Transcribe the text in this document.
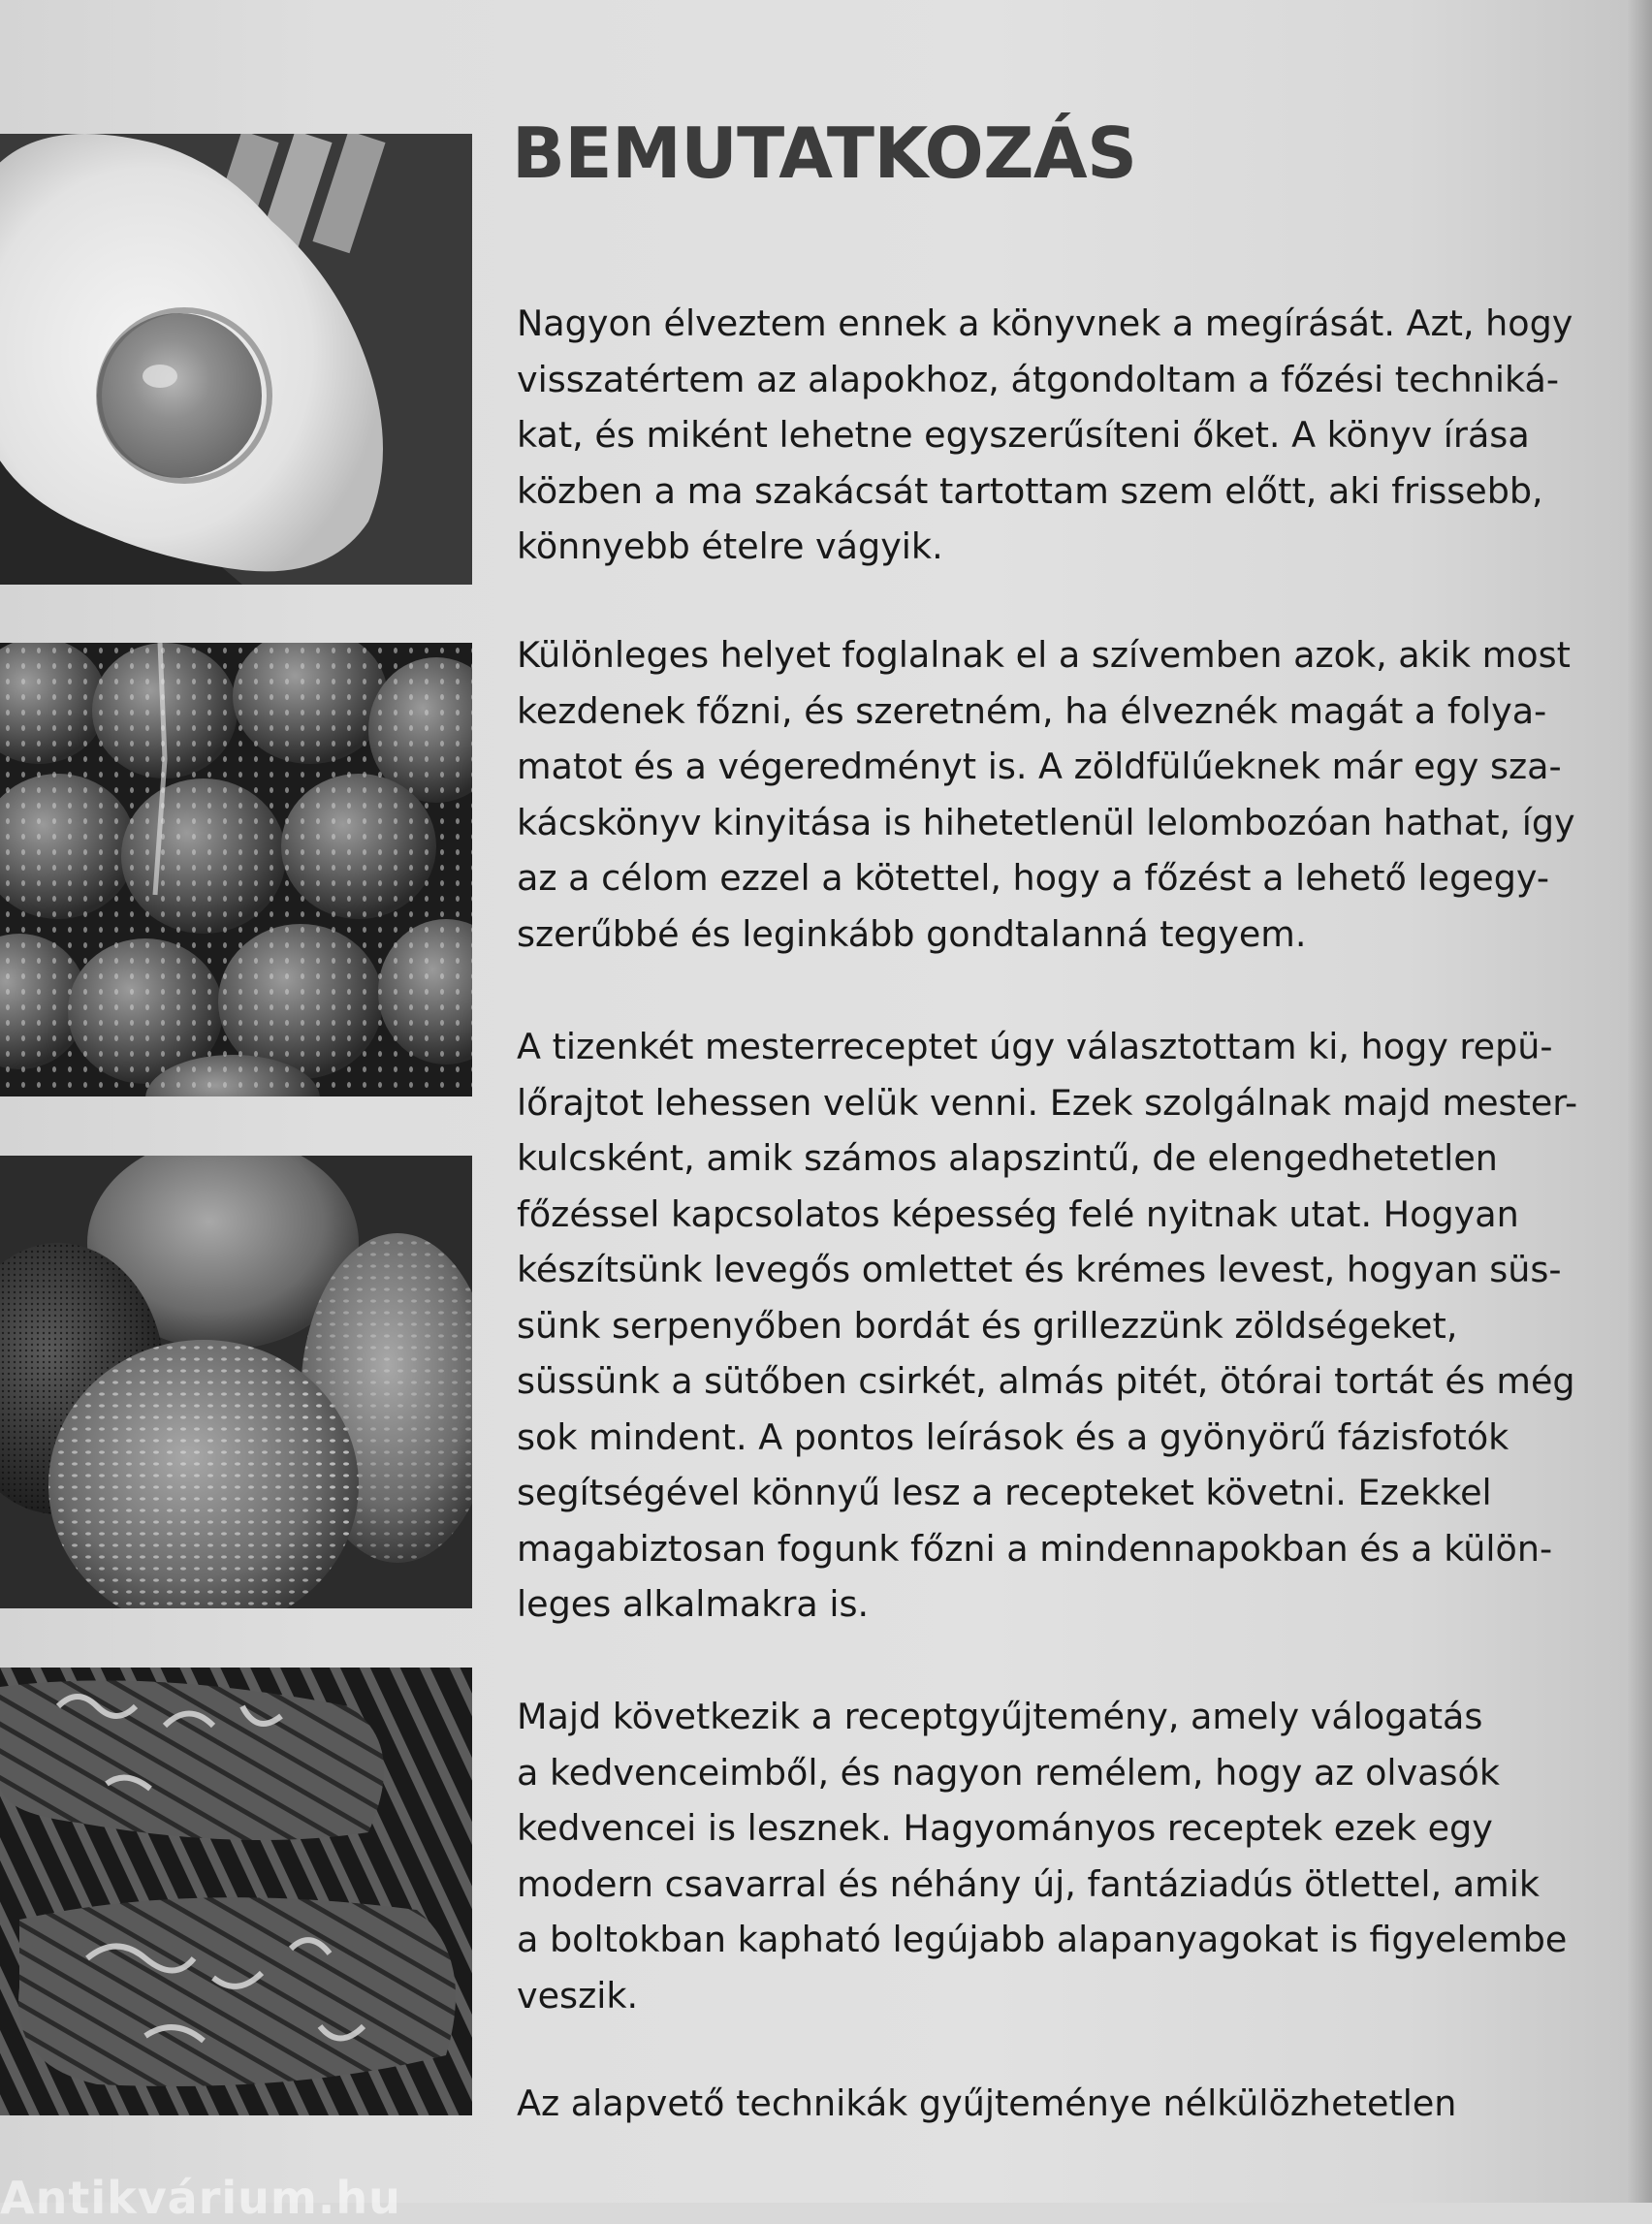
BEMUTATKOZÁS

Nagyon élveztem ennek a könyvnek a megírását. Azt, hogy
visszatértem az alapokhoz, átgondoltam a főzési techniká-
kat, és miként lehetne egyszerűsíteni őket. A könyv írása
közben a ma szakácsát tartottam szem előtt, aki frissebb,
könnyebb ételre vágyik.

Különleges helyet foglalnak el a szívemben azok, akik most
kezdenek főzni, és szeretném, ha élveznék magát a folya-
matot és a végeredményt is. A zöldfülűeknek már egy sza-
kácskönyv kinyitása is hihetetlenül lelombozóan hathat, így
az a célom ezzel a kötettel, hogy a főzést a lehető legegy-
szerűbbé és leginkább gondtalanná tegyem.

A tizenkét mesterreceptet úgy választottam ki, hogy repü-
lőrajtot lehessen velük venni. Ezek szolgálnak majd mester-
kulcsként, amik számos alapszintű, de elengedhetetlen
főzéssel kapcsolatos képesség felé nyitnak utat. Hogyan
készítsünk levegős omlettet és krémes levest, hogyan süs-
sünk serpenyőben bordát és grillezzünk zöldségeket,
süssünk a sütőben csirkét, almás pitét, ötórai tortát és még
sok mindent. A pontos leírások és a gyönyörű fázisfotók
segítségével könnyű lesz a recepteket követni. Ezekkel
magabiztosan fogunk főzni a mindennapokban és a külön-
leges alkalmakra is.

Majd következik a receptgyűjtemény, amely válogatás
a kedvenceimből, és nagyon remélem, hogy az olvasók
kedvencei is lesznek. Hagyományos receptek ezek egy
modern csavarral és néhány új, fantáziadús ötlettel, amik
a boltokban kapható legújabb alapanyagokat is figyelembe
veszik.

Az alapvető technikák gyűjteménye nélkülözhetetlen

Antikvárium.hu
